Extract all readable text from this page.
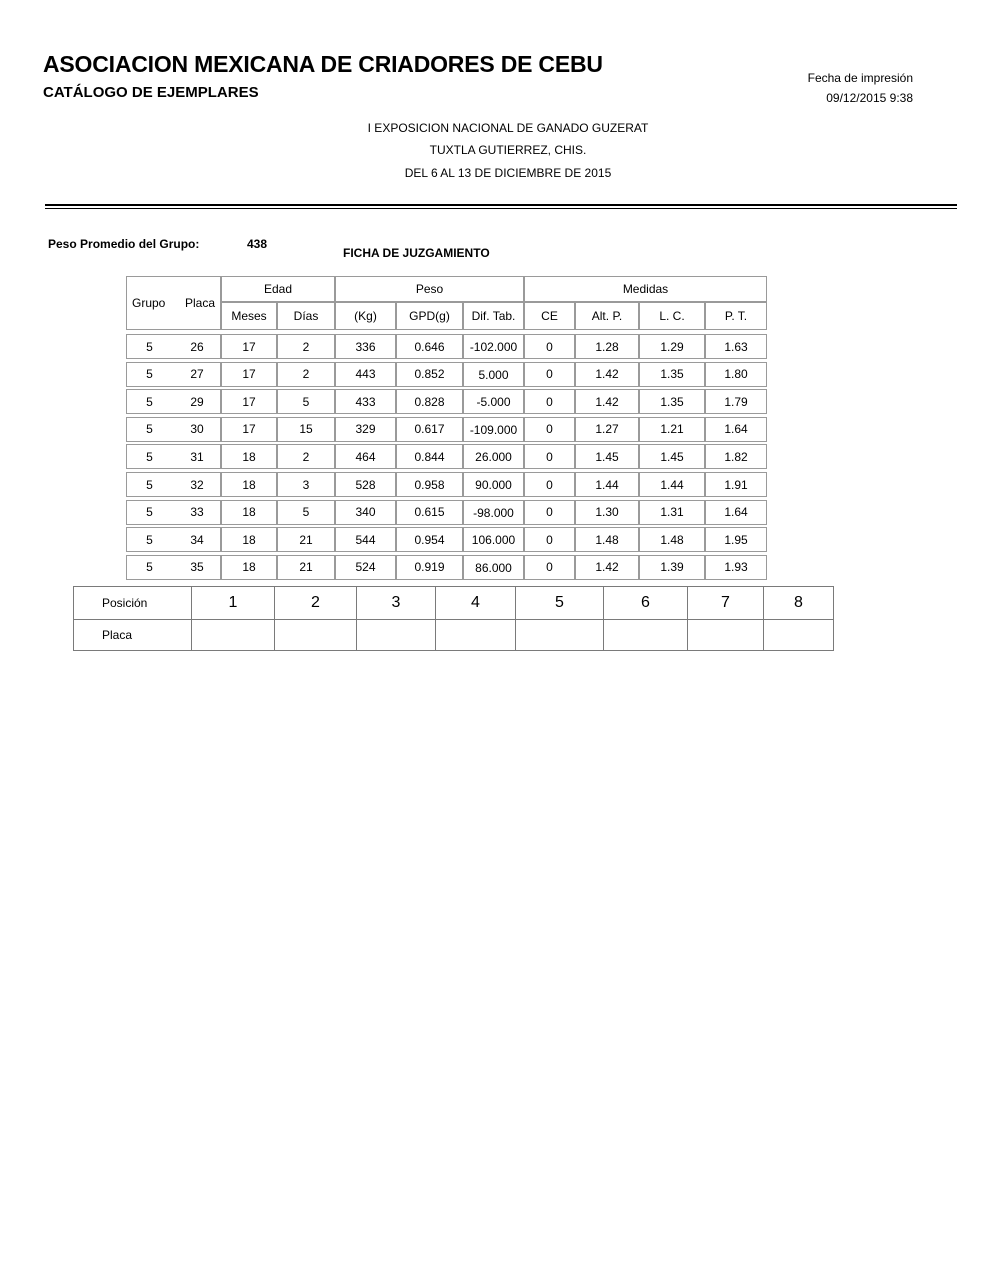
ASOCIACION MEXICANA DE CRIADORES DE CEBU
CATÁLOGO DE EJEMPLARES
Fecha de impresión
09/12/2015 9:38
I EXPOSICION NACIONAL DE GANADO GUZERAT
TUXTLA GUTIERREZ, CHIS.
DEL 6 AL 13 DE DICIEMBRE DE 2015
Peso Promedio del Grupo:	438
FICHA DE JUZGAMIENTO
Grupo Placa
Edad	Peso	Medidas
Meses	Días	(Kg)	GPD(g)	Dif. Tab.	CE	Alt. P.	L. C.	P. T.
5	26	17	2	336	0.646	-102.000	0	1.28	1.29	1.63
5	27	17	2	443	0.852	5.000	0	1.42	1.35	1.80
5	29	17	5	433	0.828	-5.000	0	1.42	1.35	1.79
5	30	17	15	329	0.617	-109.000	0	1.27	1.21	1.64
5	31	18	2	464	0.844	26.000	0	1.45	1.45	1.82
5	32	18	3	528	0.958	90.000	0	1.44	1.44	1.91
5	33	18	5	340	0.615	-98.000	0	1.30	1.31	1.64
5	34	18	21	544	0.954	106.000	0	1.48	1.48	1.95
5	35	18	21	524	0.919	86.000	0	1.42	1.39	1.93
Posición	1	2	3	4	5	6	7	8
Placa								
